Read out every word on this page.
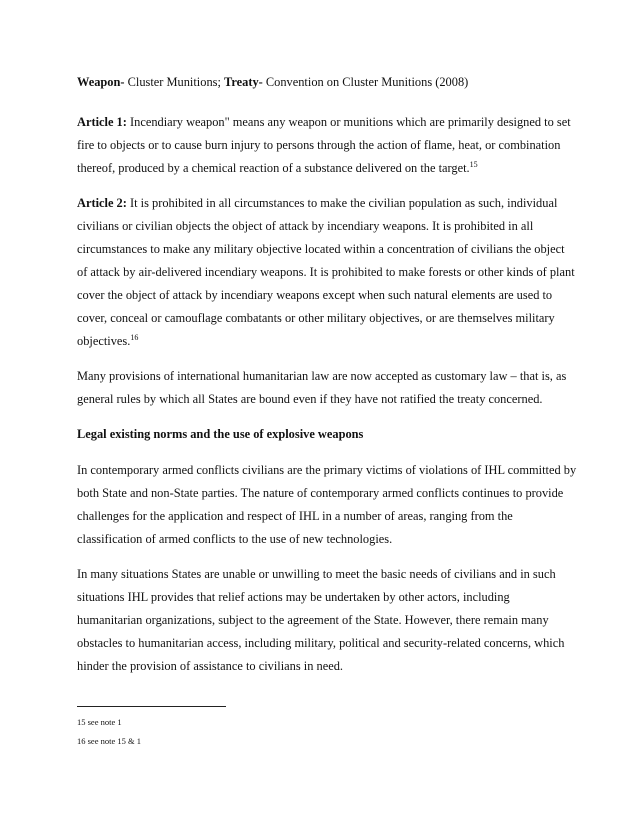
Weapon- Cluster Munitions; Treaty- Convention on Cluster Munitions (2008)

Article 1: Incendiary weapon" means any weapon or munitions which are primarily designed to set fire to objects or to cause burn injury to persons through the action of flame, heat, or combination thereof, produced by a chemical reaction of a substance delivered on the target.$^{15}$

Article 2: It is prohibited in all circumstances to make the civilian population as such, individual civilians or civilian objects the object of attack by incendiary weapons. It is prohibited in all circumstances to make any military objective located within a concentration of civilians the object of attack by air-delivered incendiary weapons. It is prohibited to make forests or other kinds of plant cover the object of attack by incendiary weapons except when such natural elements are used to cover, conceal or camouflage combatants or other military objectives, or are themselves military objectives.$^{16}$

Many provisions of international humanitarian law are now accepted as customary law – that is, as general rules by which all States are bound even if they have not ratified the treaty concerned.

Legal existing norms and the use of explosive weapons

In contemporary armed conflicts civilians are the primary victims of violations of IHL committed by both State and non-State parties. The nature of contemporary armed conflicts continues to provide challenges for the application and respect of IHL in a number of areas, ranging from the classification of armed conflicts to the use of new technologies.

In many situations States are unable or unwilling to meet the basic needs of civilians and in such situations IHL provides that relief actions may be undertaken by other actors, including humanitarian organizations, subject to the agreement of the State. However, there remain many obstacles to humanitarian access, including military, political and security-related concerns, which hinder the provision of assistance to civilians in need.

15 see note 1
16 see note 15 & 1
